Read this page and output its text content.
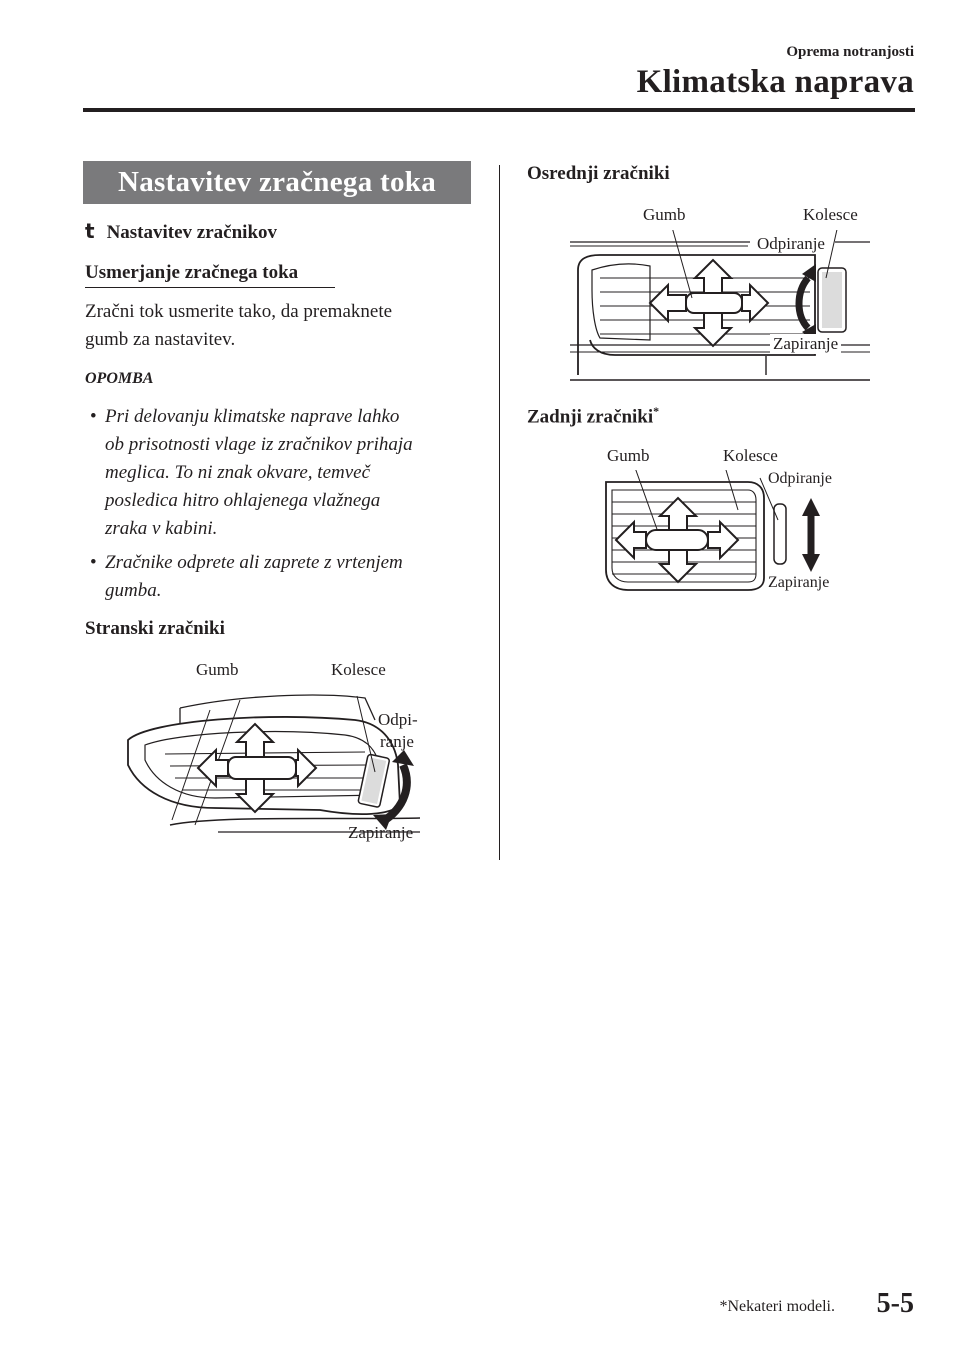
Oprema notranjosti
Klimatska naprava
Nastavitev zračnega toka
t Nastavitev zračnikov
Usmerjanje zračnega toka
Zračni tok usmerite tako, da premaknete
gumb za nastavitev.
OPOMBA
• Pri delovanju klimatske naprave lahko
ob prisotnosti vlage iz zračnikov prihaja
meglica. To ni znak okvare, temveč
posledica hitro ohlajenega vlažnega
zraka v kabini.
• Zračnike odprete ali zaprete z vrtenjem
gumba.
Stranski zračniki
Gumb	Kolesce
Odpi-
ranje
Zapiranje
Osrednji zračniki
Gumb	Kolesce
Odpiranje
Zapiranje
Zadnji zračniki*
Gumb	Kolesce
Odpiranje
Zapiranje
*Nekateri modeli. 5-5
